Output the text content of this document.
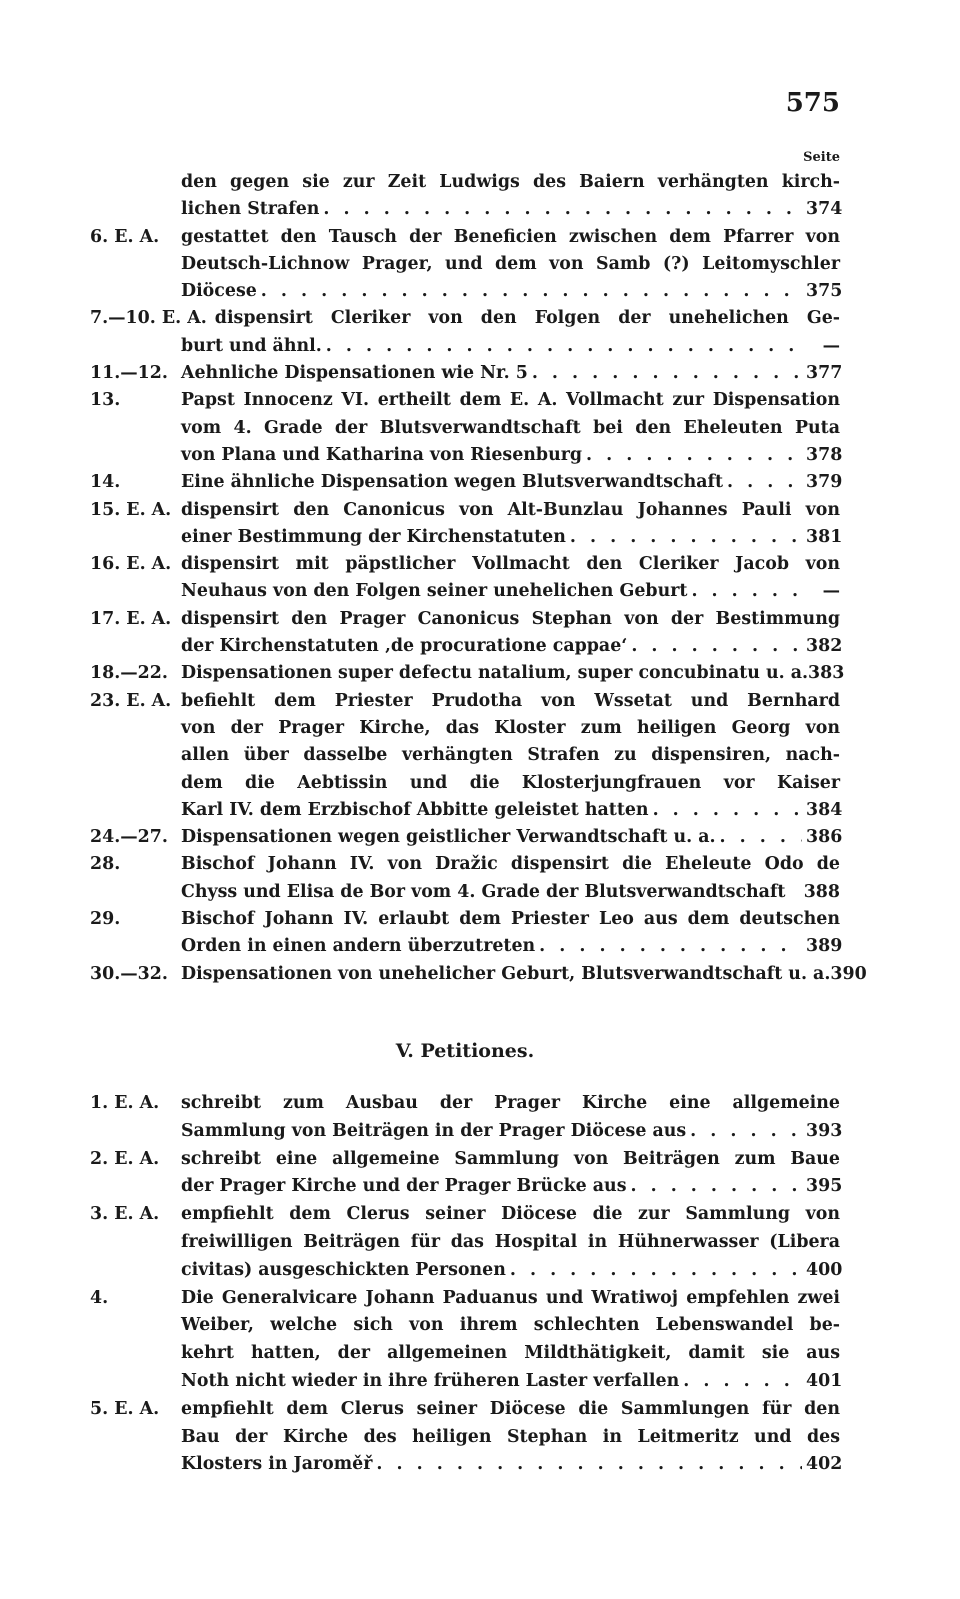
575
Seite
den gegen sie zur Zeit Ludwigs des Baiern verhängten kirch-
lichen Strafen . . .	374
6. E. A. gestattet den Tausch der Beneficien zwischen dem Pfarrer von
Deutsch-Lichnow Prager, und dem von Samb (?) Leitomyschler
Diöcese . . .	375
7.—10. E. A. dispensirt Cleriker von den Folgen der unehelichen Ge-
burt und ähnl. . . .	—
11.—12. Aehnliche Dispensationen wie Nr. 5 . . .	377
13.	Papst Innocenz VI. ertheilt dem E. A. Vollmacht zur Dispensation
vom 4. Grade der Blutsverwandtschaft bei den Eheleuten Puta
von Plana und Katharina von Riesenburg . . .	378
14.	Eine ähnliche Dispensation wegen Blutsverwandtschaft . . .	379
15. E. A. dispensirt den Canonicus von Alt-Bunzlau Johannes Pauli von
einer Bestimmung der Kirchenstatuten . . .	381
16. E. A. dispensirt mit päpstlicher Vollmacht den Cleriker Jacob von
Neuhaus von den Folgen seiner unehelichen Geburt . . .	—
17. E. A. dispensirt den Prager Canonicus Stephan von der Bestimmung
der Kirchenstatuten ‚de procuratione cappae‘ . . .	382
18.—22. Dispensationen super defectu natalium, super concubinatu u. a. 383
23. E. A. befiehlt dem Priester Prudotha von Wssetat und Bernhard
von der Prager Kirche, das Kloster zum heiligen Georg von
allen über dasselbe verhängten Strafen zu dispensiren, nach-
dem die Aebtissin und die Klosterjungfrauen vor Kaiser
Karl IV. dem Erzbischof Abbitte geleistet hatten . . .	384
24.—27. Dispensationen wegen geistlicher Verwandtschaft u. a. . . .	386
28.	Bischof Johann IV. von Dražic dispensirt die Eheleute Odo de
Chyss und Elisa de Bor vom 4. Grade der Blutsverwandtschaft 388
29.	Bischof Johann IV. erlaubt dem Priester Leo aus dem deutschen
Orden in einen andern überzutreten . . .	389
30.—32. Dispensationen von unehelicher Geburt, Blutsverwandtschaft u. a. 390
V. Petitiones.
1. E. A. schreibt zum Ausbau der Prager Kirche eine allgemeine
Sammlung von Beiträgen in der Prager Diöcese aus . . .	393
2. E. A. schreibt eine allgemeine Sammlung von Beiträgen zum Baue
der Prager Kirche und der Prager Brücke aus . . .	395
3. E. A. empfiehlt dem Clerus seiner Diöcese die zur Sammlung von
freiwilligen Beiträgen für das Hospital in Hühnerwasser (Libera
civitas) ausgeschickten Personen . . .	400
4.	Die Generalvicare Johann Paduanus und Wratiwoj empfehlen zwei
Weiber, welche sich von ihrem schlechten Lebenswandel be-
kehrt hatten, der allgemeinen Mildthätigkeit, damit sie aus
Noth nicht wieder in ihre früheren Laster verfallen . . .	401
5. E. A. empfiehlt dem Clerus seiner Diöcese die Sammlungen für den
Bau der Kirche des heiligen Stephan in Leitmeritz und des
Klosters in Jaroměř . . .	402
